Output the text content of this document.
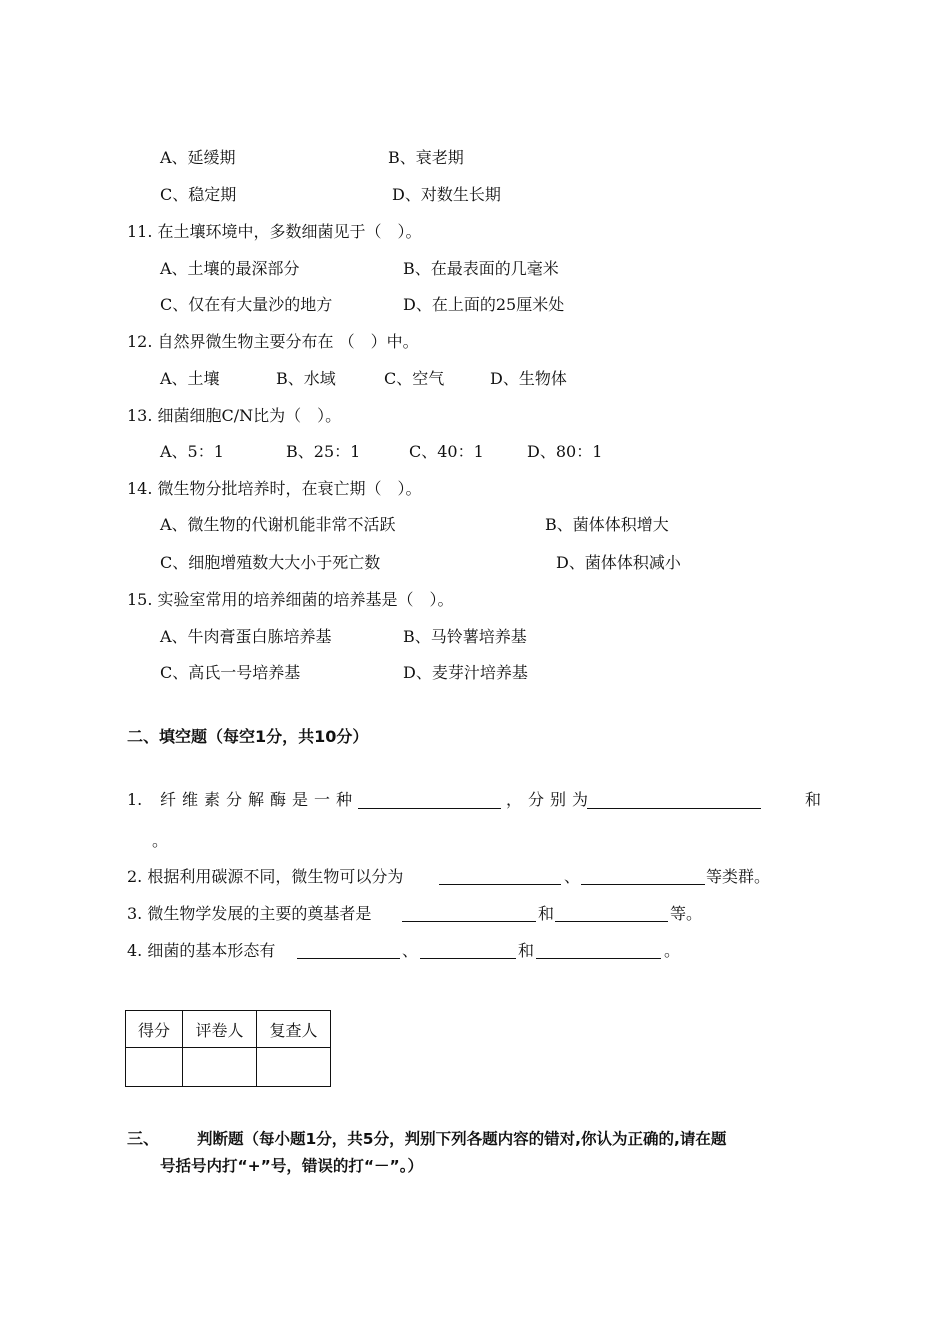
A、延缓期	B、衰老期
C、稳定期	D、对数生长期
11. 在土壤环境中，多数细菌见于（　）。
A、土壤的最深部分	B、在最表面的几毫米
C、仅在有大量沙的地方	D、在上面的25厘米处
12. 自然界微生物主要分布在 （　）中。
A、土壤	B、水域	C、空气	D、生物体
13. 细菌细胞C/N比为（　）。
A、5：1	B、25：1	C、40：1	D、80：1
14. 微生物分批培养时，在衰亡期（　）。
A、微生物的代谢机能非常不活跃	B、菌体体积增大
C、细胞增殖数大大小于死亡数	D、菌体体积减小
15. 实验室常用的培养细菌的培养基是（　）。
A、牛肉膏蛋白胨培养基	B、马铃薯培养基
C、高氏一号培养基	D、麦芽汁培养基
二、填空题（每空1分，共10分）
1. 纤维素分解酶是一种	，分别为	和
。
2. 根据利用碳源不同，微生物可以分为	、	等类群。
3. 微生物学发展的主要的奠基者是	和	等。
4. 细菌的基本形态有	、	和	。
得分	评卷人	复查人

三、 判断题（每小题1分，共5分，判别下列各题内容的错对,你认为正确的,请在题
号括号内打“+”号，错误的打“－”。）
